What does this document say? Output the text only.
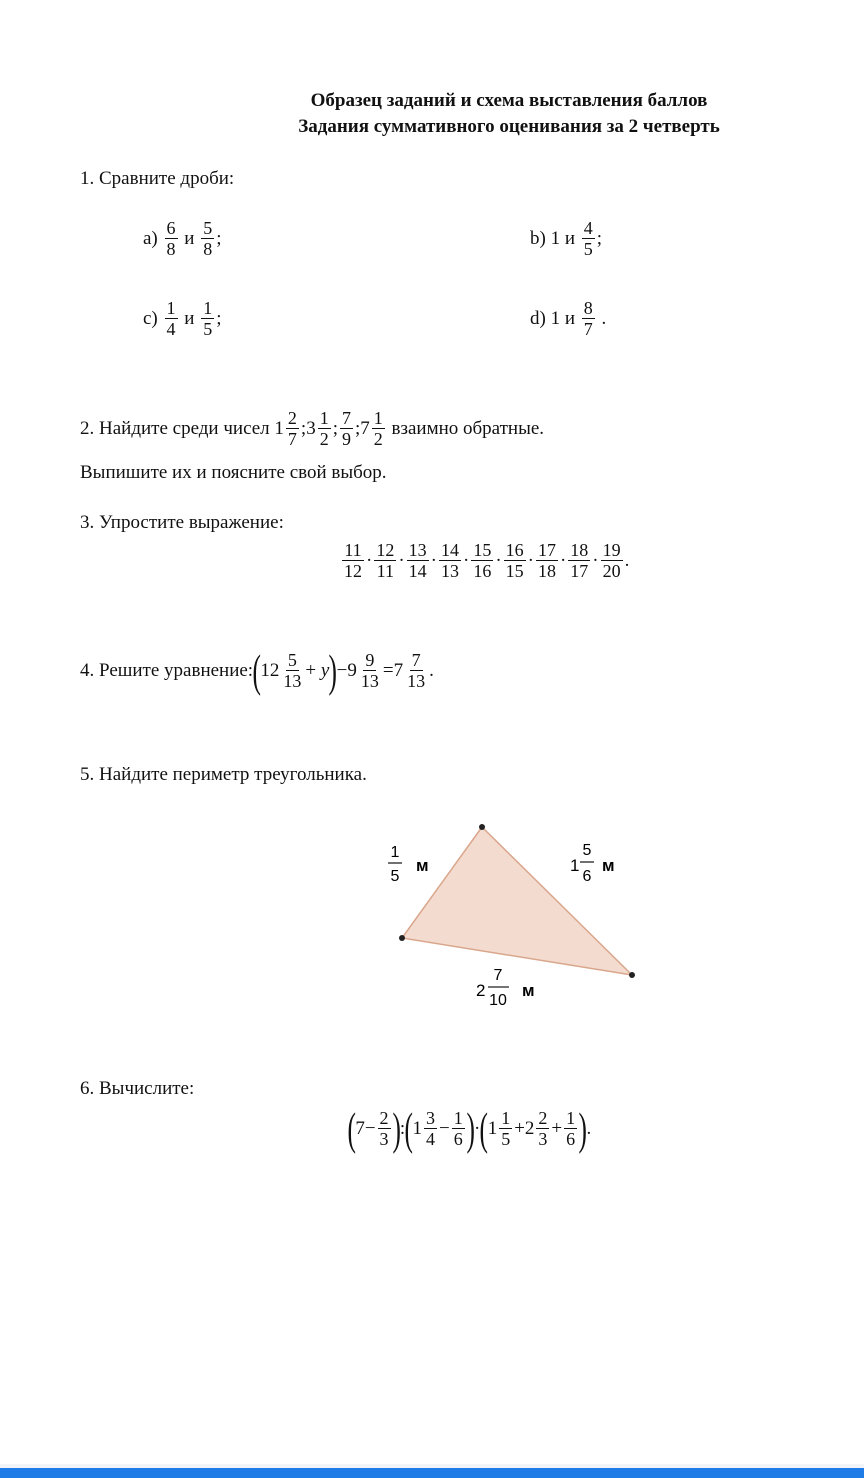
Образец заданий и схема выставления баллов
Задания суммативного оценивания за 2 четверть
1. Сравните дроби:
a)
$\frac{6}{8}$
и
$\frac{5}{8}$ ;	b) 1 и
$\frac{4}{5}$ ;
c)
$\frac{1}{4}$
и
$\frac{1}{5}$ ;	d) 1 и
$\frac{8}{7}$
.
2. Найдите среди чисел
$1 \frac{2}{7}$ ; $3 \frac{1}{2}$ ; $\frac{7}{9}$ ; $7 \frac{1}{2}$
взаимно обратные.
Выпишите их и поясните свой выбор.
3. Упростите выражение:
$\frac{11}{12} \cdot \frac{12}{11} \cdot \frac{13}{14} \cdot \frac{14}{13} \cdot \frac{15}{16} \cdot \frac{16}{15} \cdot \frac{17}{18} \cdot \frac{18}{17} \cdot \frac{19}{20}$ .
4. Решите уравнение: ( $12 \frac{5}{13}$ +
y ) − $9 \frac{9}{13} = 7 \frac{7}{13}$ .
5. Найдите периметр треугольника.
1
5
м	1
5
6
м
2
7
10
м
6. Вычислите:
( $7 - \frac{2}{3}$ ) : ( $1 \frac{3}{4} - \frac{1}{6}$ ) · ( $1 \frac{1}{5} + 2 \frac{2}{3} + \frac{1}{6}$ ) .
